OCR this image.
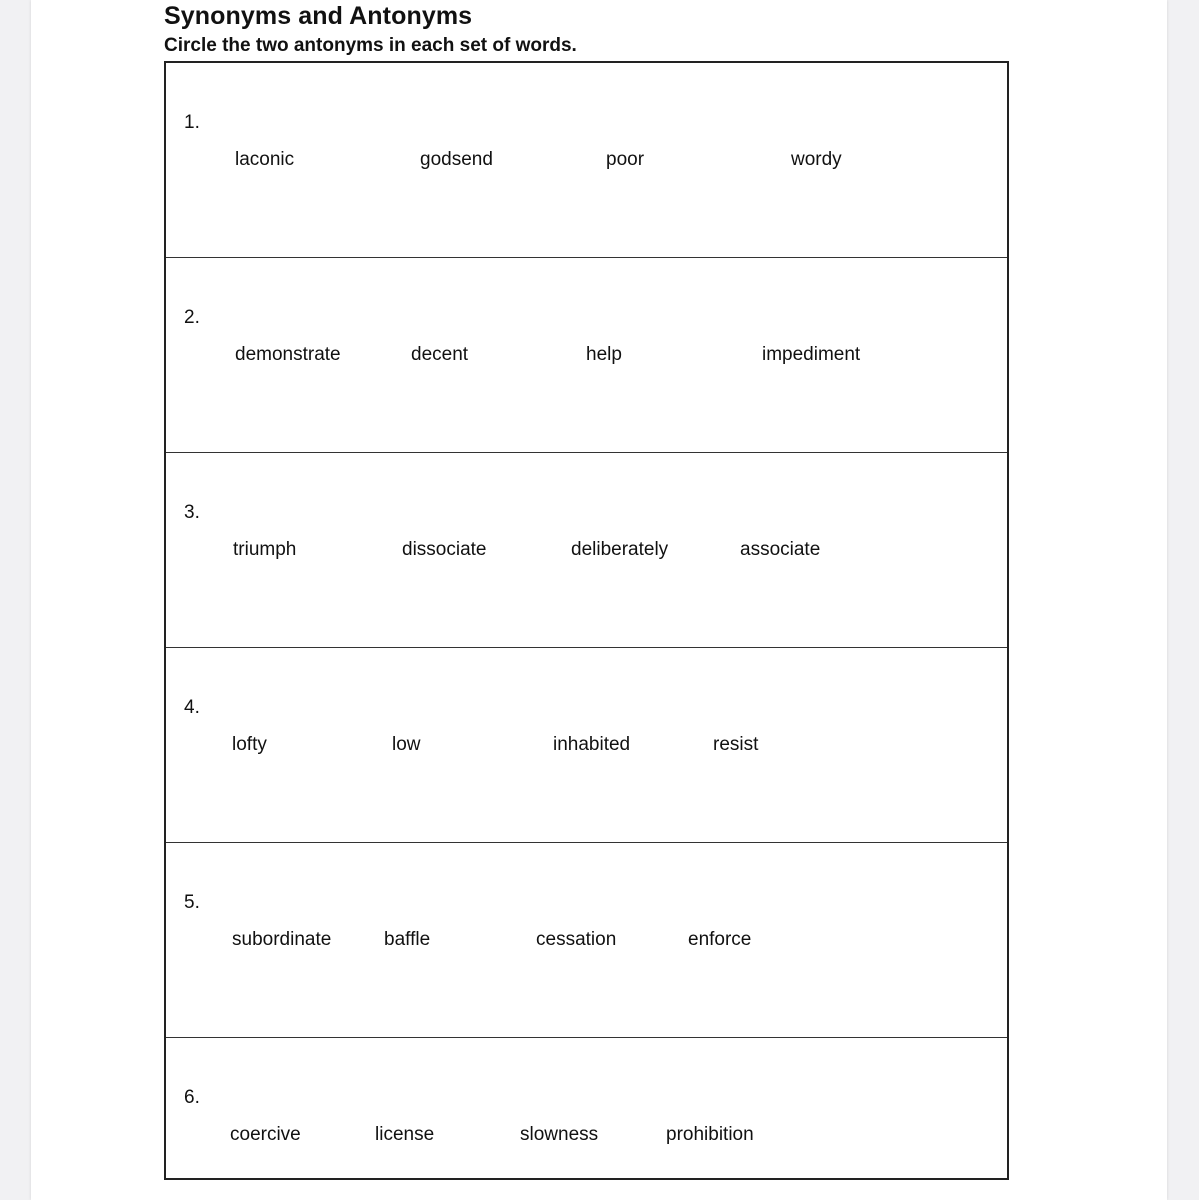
Synonyms and Antonyms
Circle the two antonyms in each set of words.
1.
laconic	godsend	poor	wordy
2.
demonstrate	decent	help	impediment
3.
triumph	dissociate	deliberately	associate
4.
lofty	low	inhabited	resist
5.
subordinate	baffle	cessation	enforce
6.
coercive	license	slowness	prohibition
